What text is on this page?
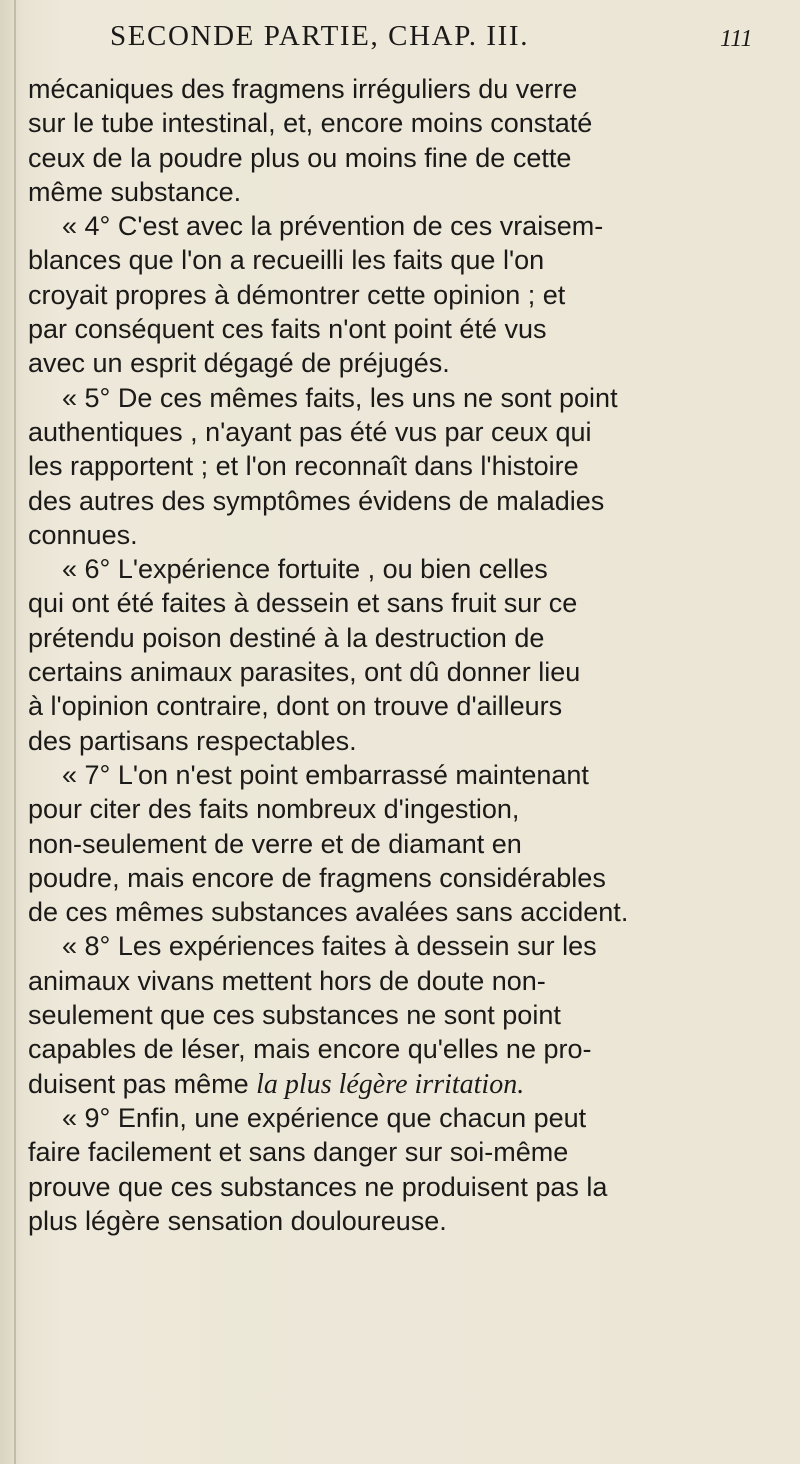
SECONDE PARTIE, CHAP. III.	111
mécaniques des fragmens irréguliers du verre
sur le tube intestinal, et, encore moins constaté
ceux de la poudre plus ou moins fine de cette
même substance.
« 4° C'est avec la prévention de ces vraisem-
blances que l'on a recueilli les faits que l'on
croyait propres à démontrer cette opinion ; et
par conséquent ces faits n'ont point été vus
avec un esprit dégagé de préjugés.
« 5° De ces mêmes faits, les uns ne sont point
authentiques , n'ayant pas été vus par ceux qui
les rapportent ; et l'on reconnaît dans l'histoire
des autres des symptômes évidens de maladies
connues.
« 6° L'expérience fortuite , ou bien celles
qui ont été faites à dessein et sans fruit sur ce
prétendu poison destiné à la destruction de
certains animaux parasites, ont dû donner lieu
à l'opinion contraire, dont on trouve d'ailleurs
des partisans respectables.
« 7° L'on n'est point embarrassé maintenant
pour citer des faits nombreux d'ingestion,
non-seulement de verre et de diamant en
poudre, mais encore de fragmens considérables
de ces mêmes substances avalées sans accident.
« 8° Les expériences faites à dessein sur les
animaux vivans mettent hors de doute non-
seulement que ces substances ne sont point
capables de léser, mais encore qu'elles ne pro-
duisent pas même la plus légère irritation.
« 9° Enfin, une expérience que chacun peut
faire facilement et sans danger sur soi-même
prouve que ces substances ne produisent pas la
plus légère sensation douloureuse.
